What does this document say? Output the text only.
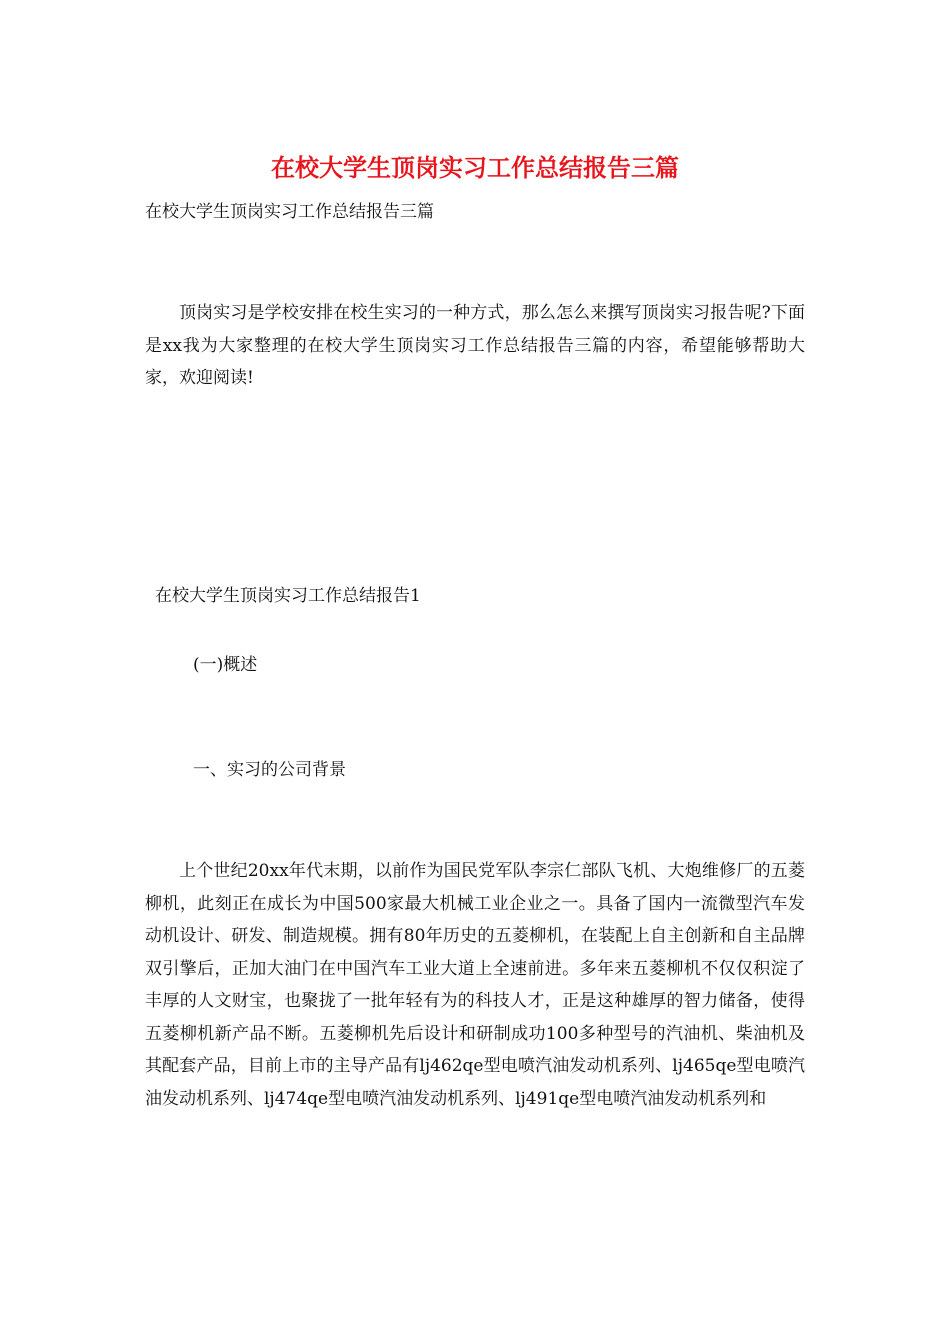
在校大学生顶岗实习工作总结报告三篇
在校大学生顶岗实习工作总结报告三篇
顶岗实习是学校安排在校生实习的一种方式，那么怎么来撰写顶岗实习报告呢?下面是xx我为大家整理的在校大学生顶岗实习工作总结报告三篇的内容，希望能够帮助大家，欢迎阅读!
在校大学生顶岗实习工作总结报告1
(一)概述
一、实习的公司背景
上个世纪20xx年代末期，以前作为国民党军队李宗仁部队飞机、大炮维修厂的五菱柳机，此刻正在成长为中国500家最大机械工业企业之一。具备了国内一流微型汽车发动机设计、研发、制造规模。拥有80年历史的五菱柳机，在装配上自主创新和自主品牌双引擎后，正加大油门在中国汽车工业大道上全速前进。多年来五菱柳机不仅仅积淀了丰厚的人文财宝，也聚拢了一批年轻有为的科技人才，正是这种雄厚的智力储备，使得五菱柳机新产品不断。五菱柳机先后设计和研制成功100多种型号的汽油机、柴油机及其配套产品，目前上市的主导产品有lj462qe型电喷汽油发动机系列、lj465qe型电喷汽油发动机系列、lj474qe型电喷汽油发动机系列、lj491qe型电喷汽油发动机系列和
